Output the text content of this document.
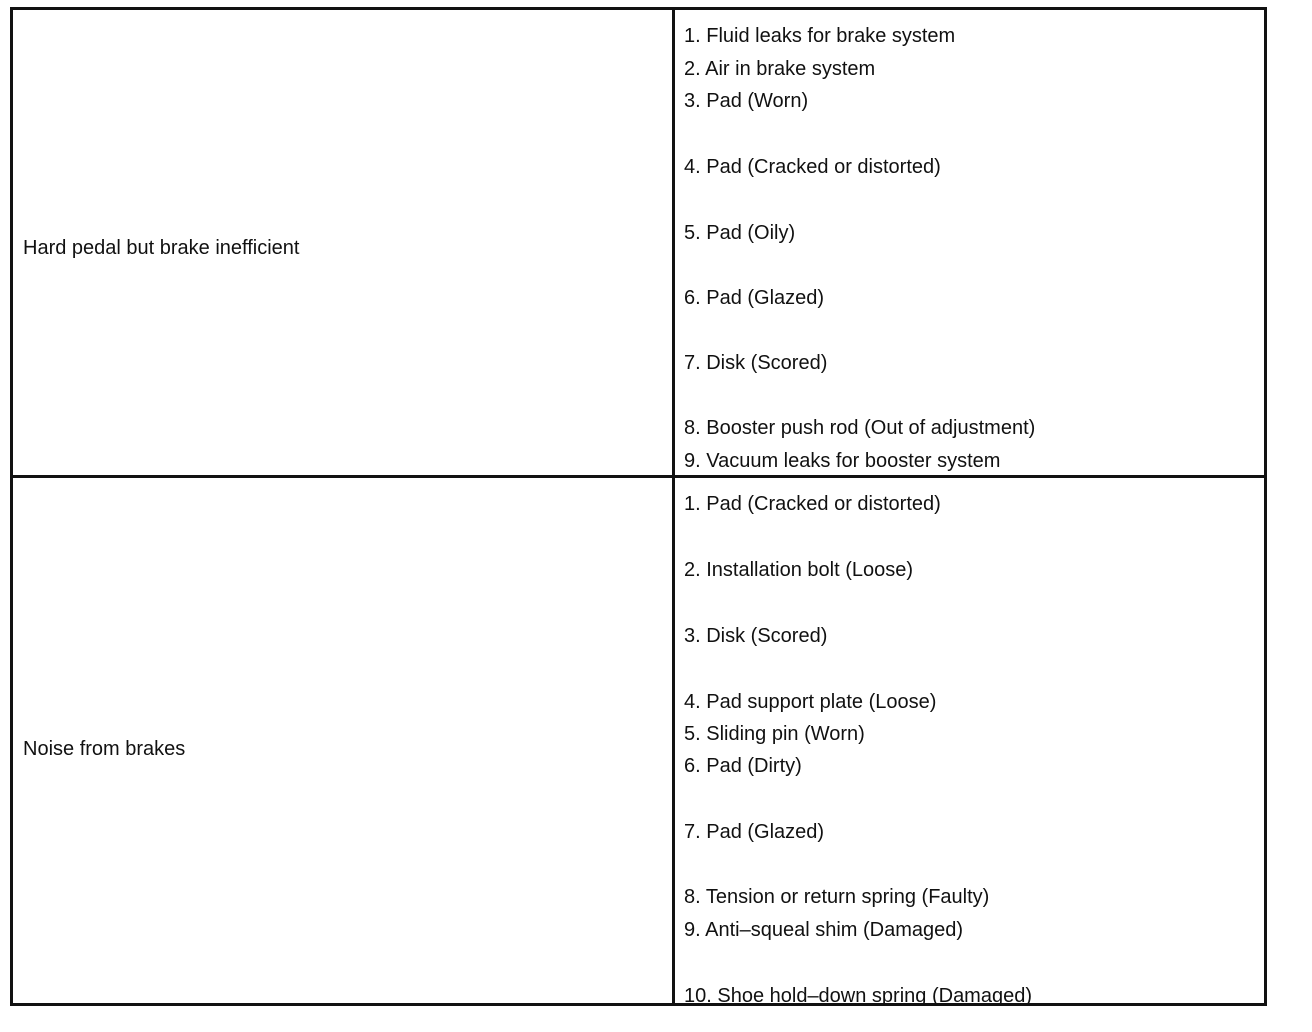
Hard pedal but brake inefficient
1. Fluid leaks for brake system
2. Air in brake system
3. Pad (Worn)
4. Pad (Cracked or distorted)
5. Pad (Oily)
6. Pad (Glazed)
7. Disk (Scored)
8. Booster push rod (Out of adjustment)
9. Vacuum leaks for booster system
Noise from brakes
1. Pad (Cracked or distorted)
2. Installation bolt (Loose)
3. Disk (Scored)
4. Pad support plate (Loose)
5. Sliding pin (Worn)
6. Pad (Dirty)
7. Pad (Glazed)
8. Tension or return spring (Faulty)
9. Anti–squeal shim (Damaged)
10. Shoe hold–down spring (Damaged)
